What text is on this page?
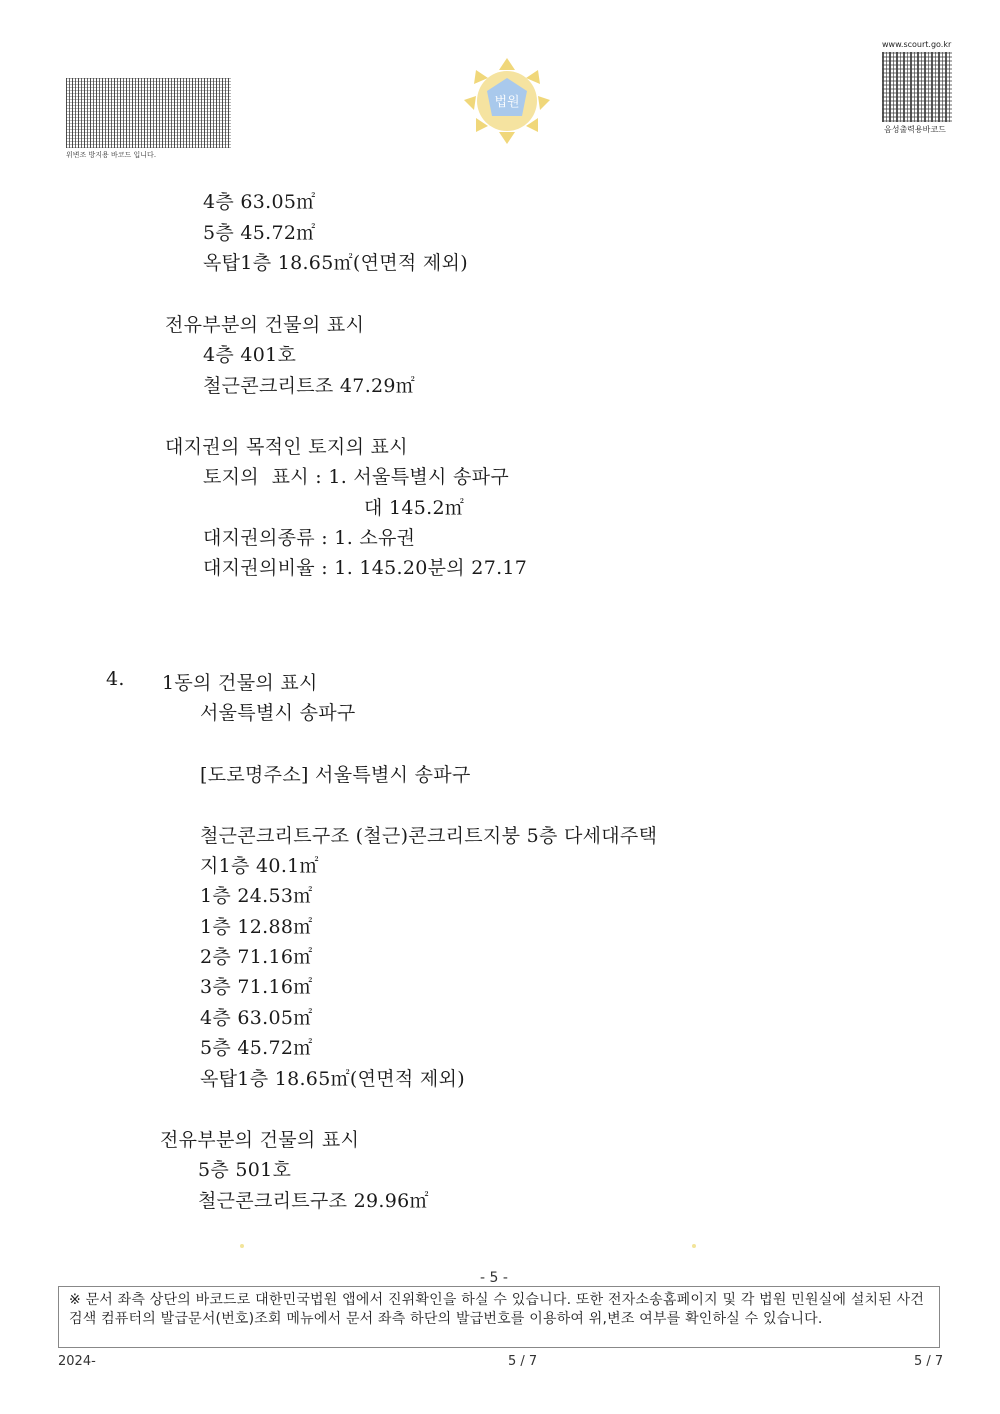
위변조 방지용 바코드 입니다.
법원
www.scourt.go.kr
음성출력용바코드
4층 63.05㎡
5층 45.72㎡
옥탑1층 18.65㎡(연면적 제외)
전유부분의 건물의 표시
4층 401호
철근콘크리트조 47.29㎡
대지권의 목적인 토지의 표시
토지의  표시 : 1. 서울특별시 송파구
대 145.2㎡
대지권의종류 : 1. 소유권
대지권의비율 : 1. 145.20분의 27.17
4. 1동의 건물의 표시
서울특별시 송파구
[도로명주소] 서울특별시 송파구
철근콘크리트구조 (철근)콘크리트지붕 5층 다세대주택
지1층 40.1㎡
1층 24.53㎡
1층 12.88㎡
2층 71.16㎡
3층 71.16㎡
4층 63.05㎡
5층 45.72㎡
옥탑1층 18.65㎡(연면적 제외)
전유부분의 건물의 표시
5층 501호
철근콘크리트구조 29.96㎡
- 5 -
※ 문서 좌측 상단의 바코드로 대한민국법원 앱에서 진위확인을 하실 수 있습니다. 또한 전자소송홈페이지 및 각 법원 민원실에 설치된 사건검색 컴퓨터의 발급문서(번호)조회 메뉴에서 문서 좌측 하단의 발급번호를 이용하여 위,변조 여부를 확인하실 수 있습니다.
2024-	5 / 7	5 / 7
